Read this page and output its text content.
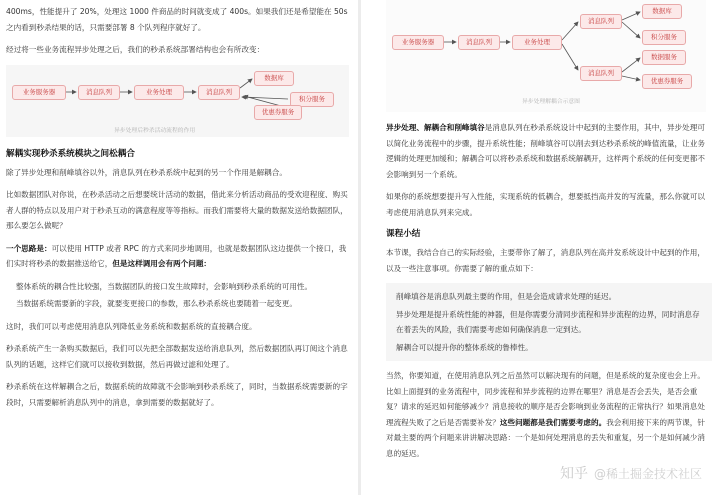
400ms，性能提升了 20%，处理这 1000 件商品的时间就变成了 400s。如果我们还是希望能在 50s 之内看到秒杀结果的话，只需要部署 8 个队列程序就好了。

经过将一些业务流程异步处理之后，我们的秒杀系统部署结构也会有所改变：

业务服务器	消息队列	业务处理	消息队列
数据库
积分服务
优惠券服务
异步处理后秒杀活动流程的作用
解耦实现秒杀系统模块之间松耦合

除了异步处理和削峰填谷以外，消息队列在秒杀系统中起到的另一个作用是解耦合。

比如数据团队对你说，在秒杀活动之后想要统计活动的数据，借此来分析活动商品的受欢迎程度、购买者人群的特点以及用户对于秒杀互动的满意程度等等指标。而我们需要将大量的数据发送给数据团队，那么要怎么做呢？

一个思路是：可以使用 HTTP 或者 RPC 的方式来同步地调用，也就是数据团队这边提供一个接口，我们实时将秒杀的数据推送给它，但是这样调用会有两个问题：

整体系统的耦合性比较强，当数据团队的接口发生故障时，会影响到秒杀系统的可用性。

当数据系统需要新的字段，就要变更接口的参数，那么秒杀系统也要随着一起变更。

这时，我们可以考虑使用消息队列降低业务系统和数据系统的直接耦合度。

秒杀系统产生一条购买数据后，我们可以先把全部数据发送给消息队列，然后数据团队再订阅这个消息队列的话题，这样它们就可以接收到数据，然后再做过滤和处理了。

秒杀系统在这样解耦合之后，数据系统的故障就不会影响到秒杀系统了，同时，当数据系统需要新的字段时，只需要解析消息队列中的消息，拿到需要的数据就好了。

数据库
业务服务器	消息队列	业务处理
消息队列
积分服务
消息队列
数据服务
优惠券服务
异步处理解耦合示意图

异步处理、解耦合和削峰填谷是消息队列在秒杀系统设计中起到的主要作用，其中，异步处理可以简化业务流程中的步骤，提升系统性能；削峰填谷可以削去到达秒杀系统的峰值流量，让业务逻辑的处理更加缓和；解耦合可以将秒杀系统和数据系统解耦开，这样两个系统的任何变更都不会影响到另一个系统。

如果你的系统想要提升写入性能，实现系统的低耦合，想要抵挡高并发的写流量，那么你就可以考虑使用消息队列来完成。

课程小结

本节课，我结合自己的实际经验，主要带你了解了，消息队列在高并发系统设计中起到的作用，以及一些注意事项。你需要了解的重点如下：

削峰填谷是消息队列最主要的作用，但是会造成请求处理的延迟。

异步处理是提升系统性能的神器，但是你需要分清同步流程和异步流程的边界，同时消息存在着丢失的风险，我们需要考虑如何确保消息一定到达。

解耦合可以提升你的整体系统的鲁棒性。

当然，你要知道，在使用消息队列之后虽然可以解决现有的问题，但是系统的复杂度也会上升。比如上面提到的业务流程中，同步流程和异步流程的边界在哪里？消息是否会丢失，是否会重复？请求的延迟如何能够减少？消息接收的顺序是否会影响到业务流程的正常执行？如果消息处理流程失败了之后是否需要补发？这些问题都是我们需要考虑的。我会利用接下来的两节课，针对最主要的两个问题来讲讲解决思路：一个是如何处理消息的丢失和重复，另一个是如何减少消息的延迟。

知乎 @稀土掘金技术社区
